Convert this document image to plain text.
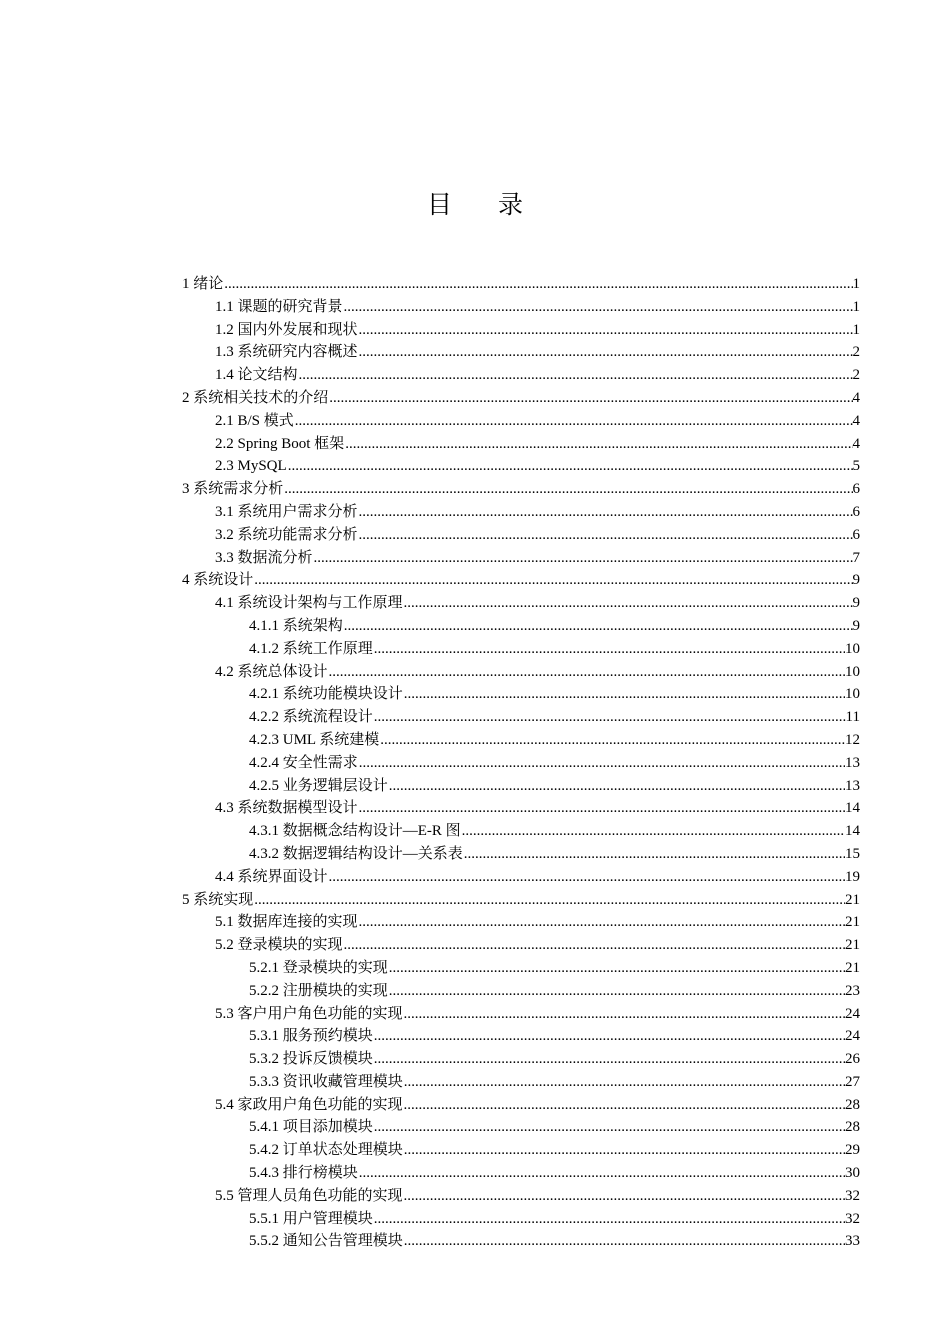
目 录
1 绪论 .....	1
1.1 课题的研究背景 .....	1
1.2 国内外发展和现状 .....	1
1.3 系统研究内容概述 .....	2
1.4 论文结构 .....	2
2 系统相关技术的介绍 .....	4
2.1 B/S 模式 .....	4
2.2 Spring Boot 框架 .....	4
2.3 MySQL .....	5
3 系统需求分析 .....	6
3.1 系统用户需求分析 .....	6
3.2 系统功能需求分析 .....	6
3.3 数据流分析 .....	7
4 系统设计 .....	9
4.1 系统设计架构与工作原理 .....	9
4.1.1 系统架构 .....	9
4.1.2 系统工作原理 .....	10
4.2 系统总体设计 .....	10
4.2.1 系统功能模块设计 .....	10
4.2.2 系统流程设计 .....	11
4.2.3 UML 系统建模 .....	12
4.2.4 安全性需求 .....	13
4.2.5 业务逻辑层设计 .....	13
4.3 系统数据模型设计 .....	14
4.3.1 数据概念结构设计—E-R 图 .....	14
4.3.2 数据逻辑结构设计—关系表 .....	15
4.4 系统界面设计 .....	19
5 系统实现 .....	21
5.1 数据库连接的实现 .....	21
5.2 登录模块的实现 .....	21
5.2.1 登录模块的实现 .....	21
5.2.2 注册模块的实现 .....	23
5.3 客户用户角色功能的实现 .....	24
5.3.1 服务预约模块 .....	24
5.3.2 投诉反馈模块 .....	26
5.3.3 资讯收藏管理模块 .....	27
5.4 家政用户角色功能的实现 .....	28
5.4.1 项目添加模块 .....	28
5.4.2 订单状态处理模块 .....	29
5.4.3 排行榜模块 .....	30
5.5 管理人员角色功能的实现 .....	32
5.5.1 用户管理模块 .....	32
5.5.2 通知公告管理模块 .....	33
